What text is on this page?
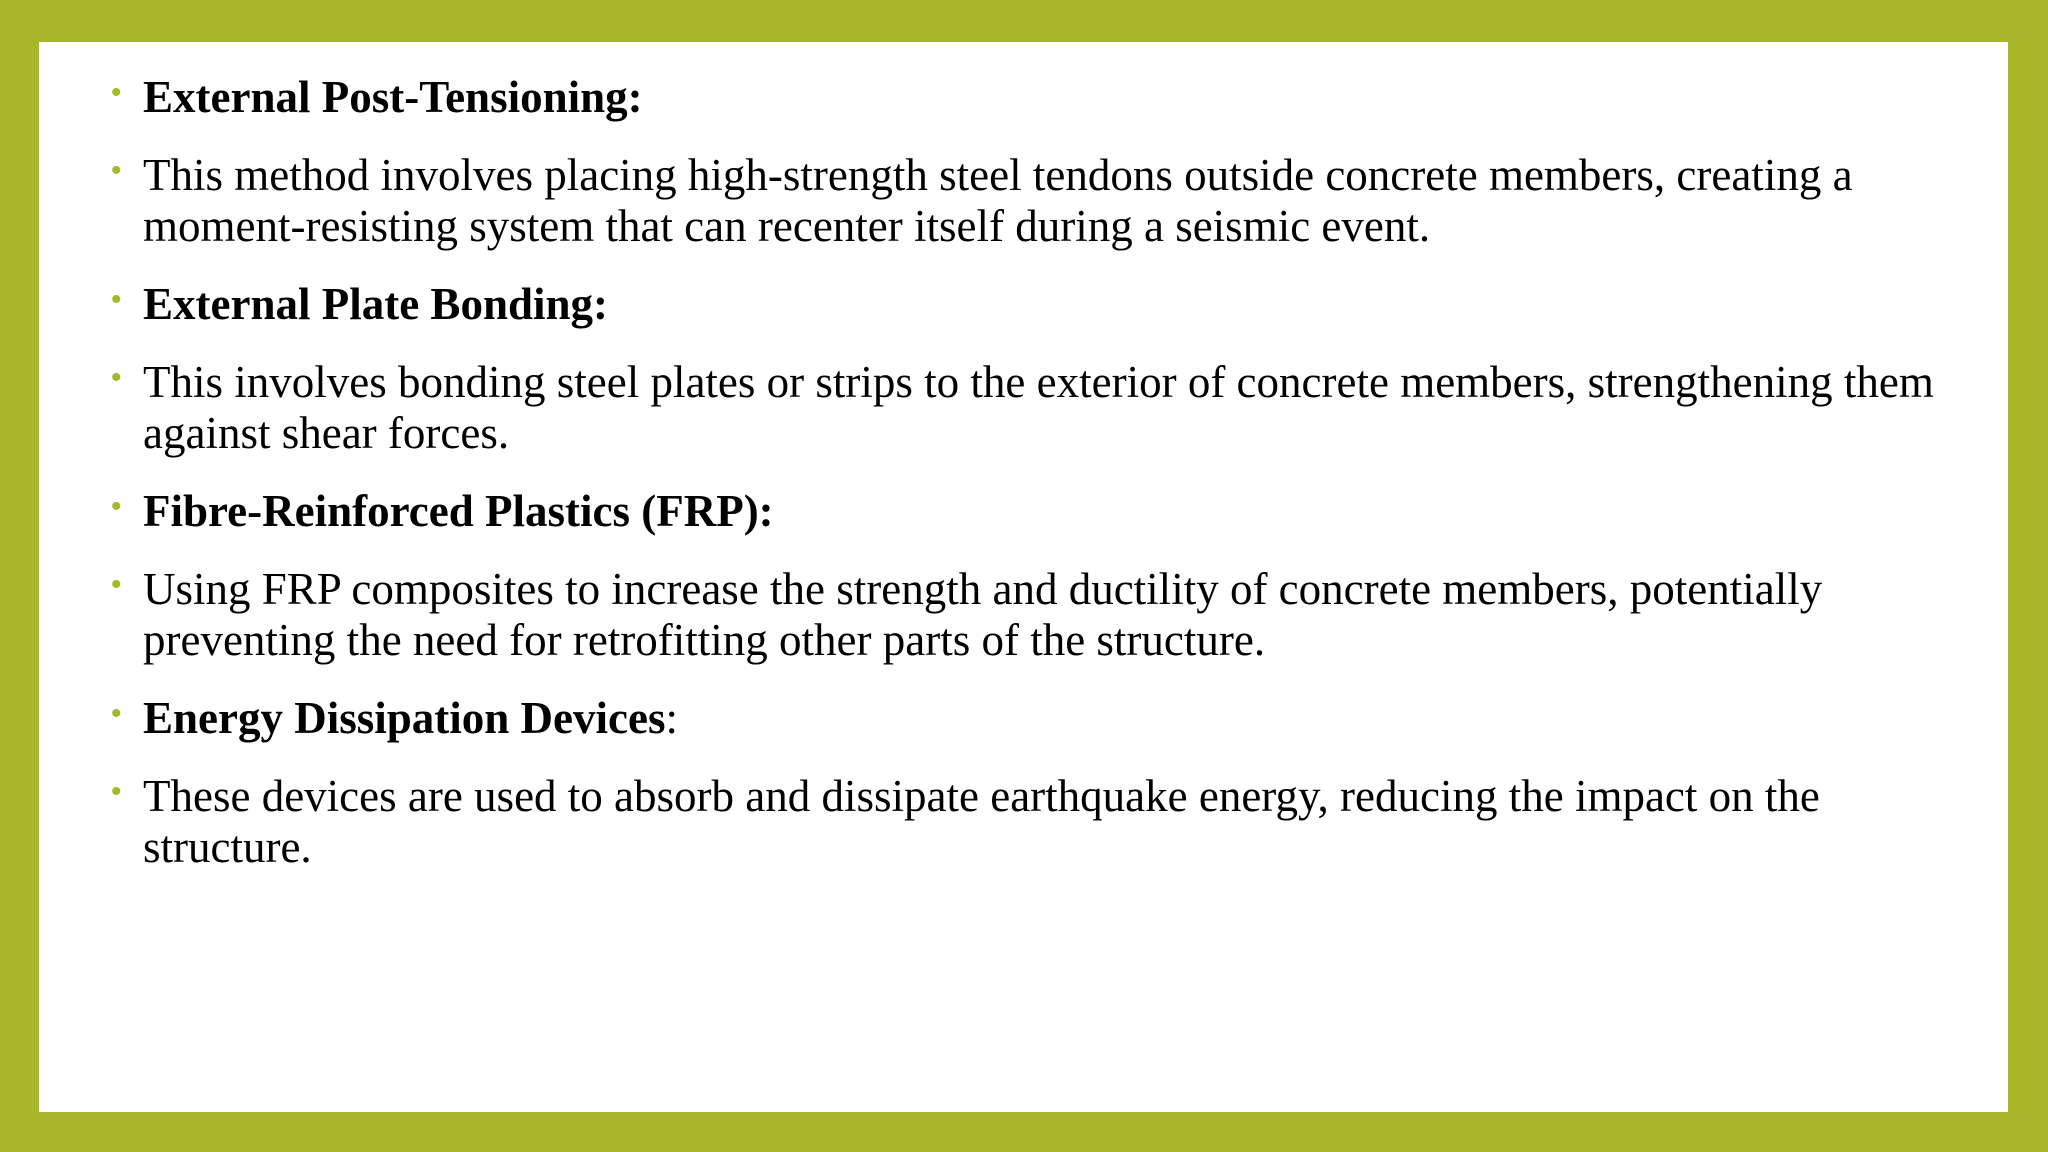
• External Post-Tensioning:
• This method involves placing high-strength steel tendons outside concrete members, creating a moment-resisting system that can recenter itself during a seismic event.
• External Plate Bonding:
• This involves bonding steel plates or strips to the exterior of concrete members, strengthening them against shear forces.
• Fibre-Reinforced Plastics (FRP):
• Using FRP composites to increase the strength and ductility of concrete members, potentially preventing the need for retrofitting other parts of the structure.
• Energy Dissipation Devices:
• These devices are used to absorb and dissipate earthquake energy, reducing the impact on the structure.
